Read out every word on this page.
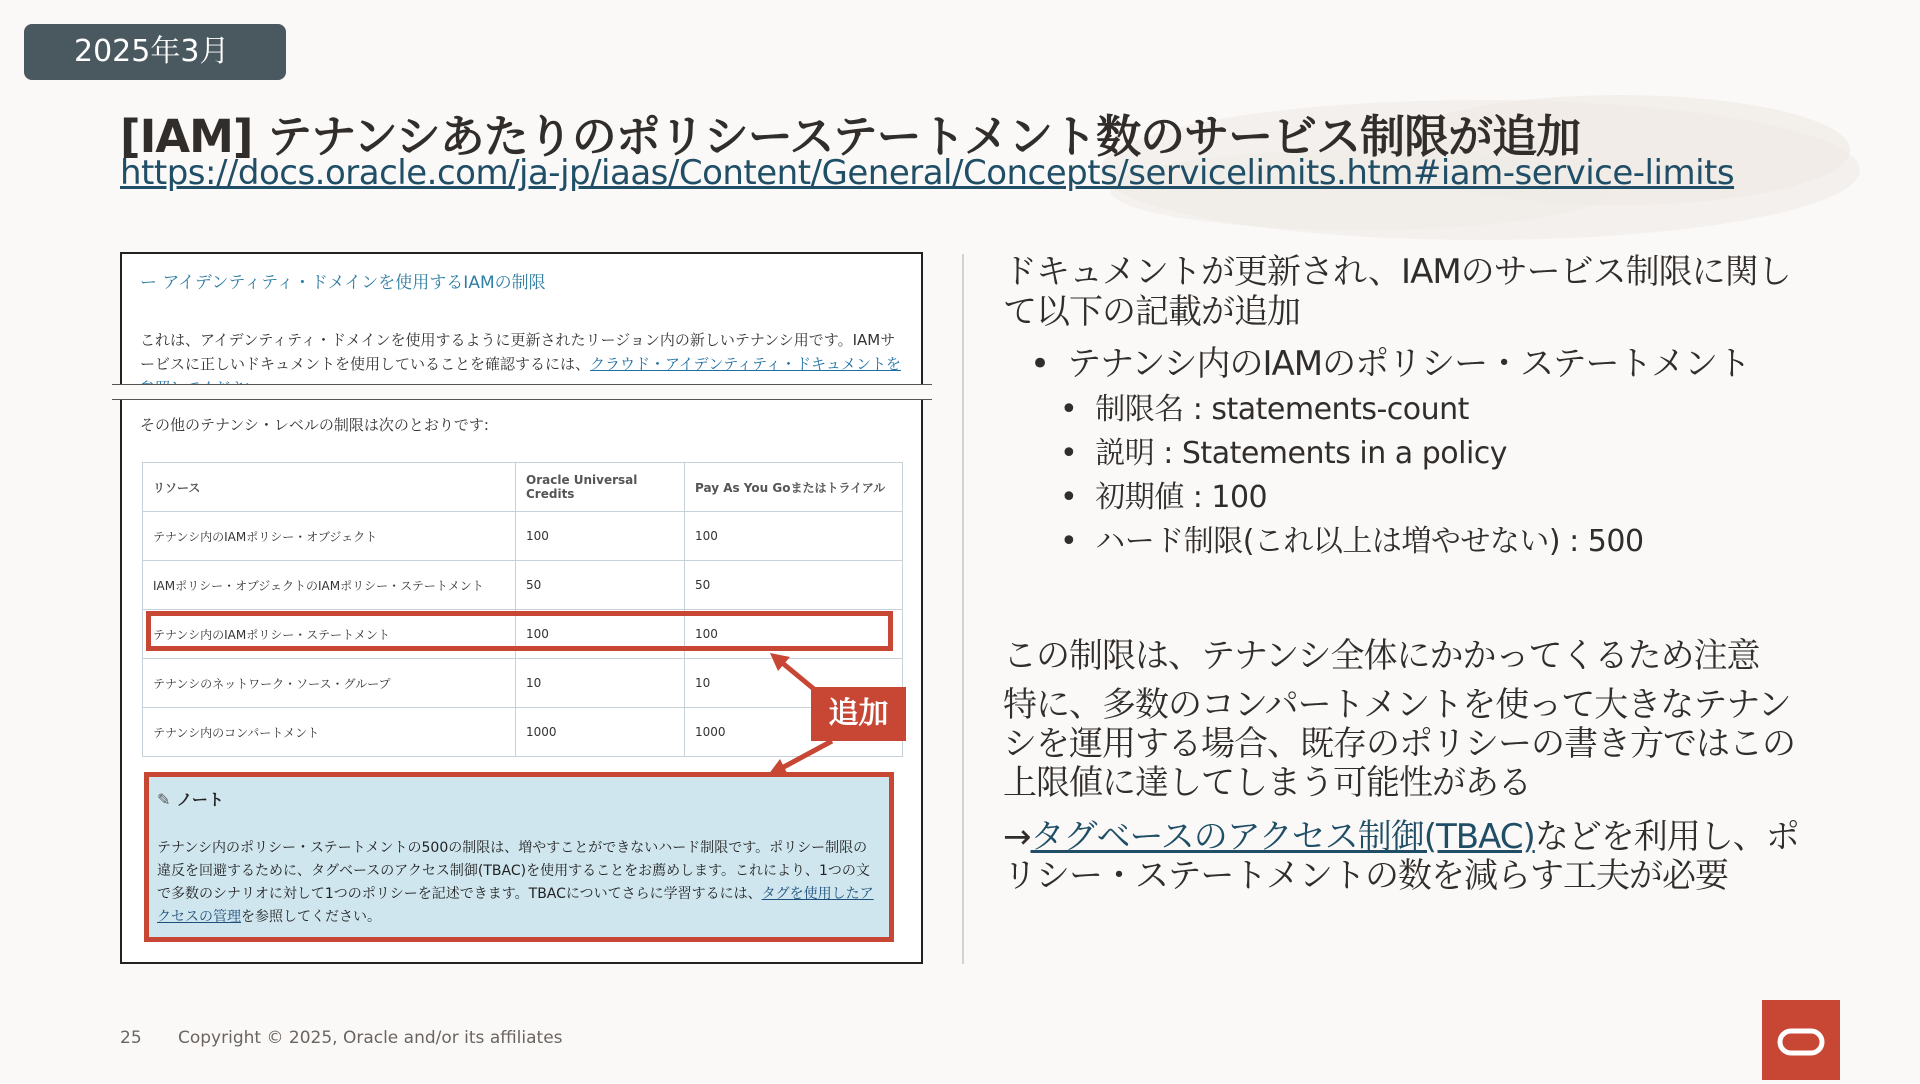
2025年3月
[IAM] テナンシあたりのポリシーステートメント数のサービス制限が追加
https://docs.oracle.com/ja-jp/iaas/Content/General/Concepts/servicelimits.htm#iam-service-limits
ー アイデンティティ・ドメインを使用するIAMの制限
これは、アイデンティティ・ドメインを使用するように更新されたリージョン内の新しいテナンシ用です。IAMサービスに正しいドキュメントを使用していることを確認するには、クラウド・アイデンティティ・ドキュメントを
その他のテナンシ・レベルの制限は次のとおりです:
リソース	Oracle Universal Credits	Pay As You Goまたはトライアル
テナンシ内のIAMポリシー・オブジェクト	100	100
IAMポリシー・オブジェクトのIAMポリシー・ステートメント	50	50
テナンシ内のIAMポリシー・ステートメント	100	100
テナンシのネットワーク・ソース・グループ	10	10
テナンシ内のコンパートメント	1000	1000
追加
✎ ノート
テナンシ内のポリシー・ステートメントの500の制限は、増やすことができないハード制限です。ポリシー制限の違反を回避するために、タグベースのアクセス制御(TBAC)を使用することをお薦めします。これにより、1つの文で多数のシナリオに対して1つのポリシーを記述できます。TBACについてさらに学習するには、タグを使用したアクセスの管理を参照してください。
ドキュメントが更新され、IAMのサービス制限に関して以下の記載が追加
• テナンシ内のIAMのポリシー・ステートメント
• 制限名 : statements-count
• 説明 : Statements in a policy
• 初期値 : 100
• ハード制限(これ以上は増やせない) : 500
この制限は、テナンシ全体にかかってくるため注意
特に、多数のコンパートメントを使って大きなテナンシを運用する場合、既存のポリシーの書き方ではこの上限値に達してしまう可能性がある
→タグベースのアクセス制御(TBAC)などを利用し、ポリシー・ステートメントの数を減らす工夫が必要
25 Copyright © 2025, Oracle and/or its affiliates
